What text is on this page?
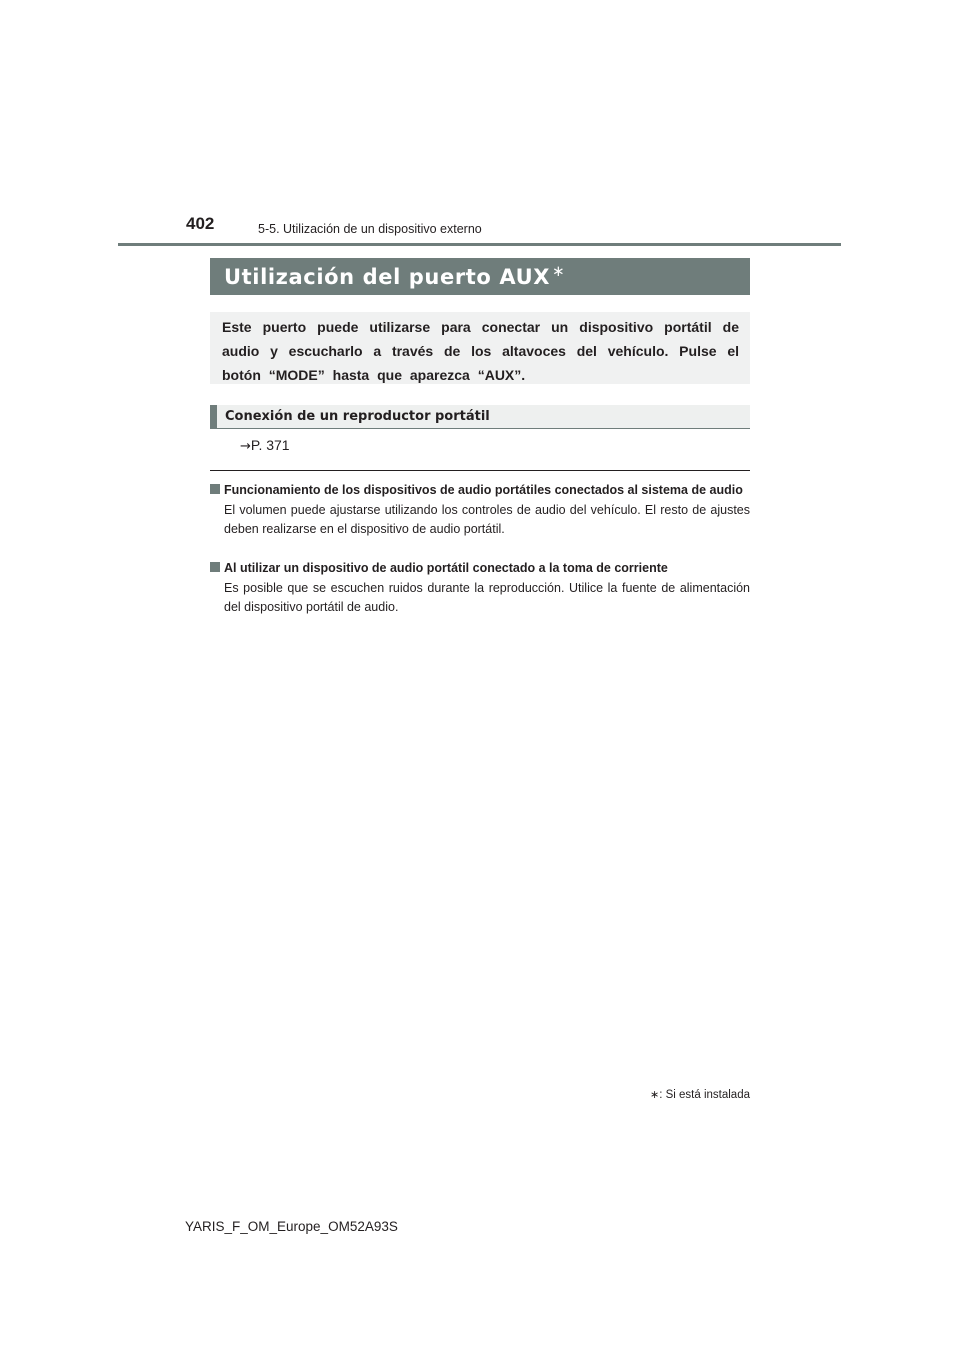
402	5-5. Utilización de un dispositivo externo
Utilización del puerto AUX ∗

Este puerto puede utilizarse para conectar un dispositivo portátil de audio y escucharlo a través de los altavoces del vehículo. Pulse el botón “MODE” hasta que aparezca “AUX”.

Conexión de un reproductor portátil
→P. 371
Funcionamiento de los dispositivos de audio portátiles conectados al sistema de audio
El volumen puede ajustarse utilizando los controles de audio del vehículo. El resto de ajustes deben realizarse en el dispositivo de audio portátil.
Al utilizar un dispositivo de audio portátil conectado a la toma de corriente
Es posible que se escuchen ruidos durante la reproducción. Utilice la fuente de alimentación del dispositivo portátil de audio.
∗: Si está instalada
YARIS_F_OM_Europe_OM52A93S
